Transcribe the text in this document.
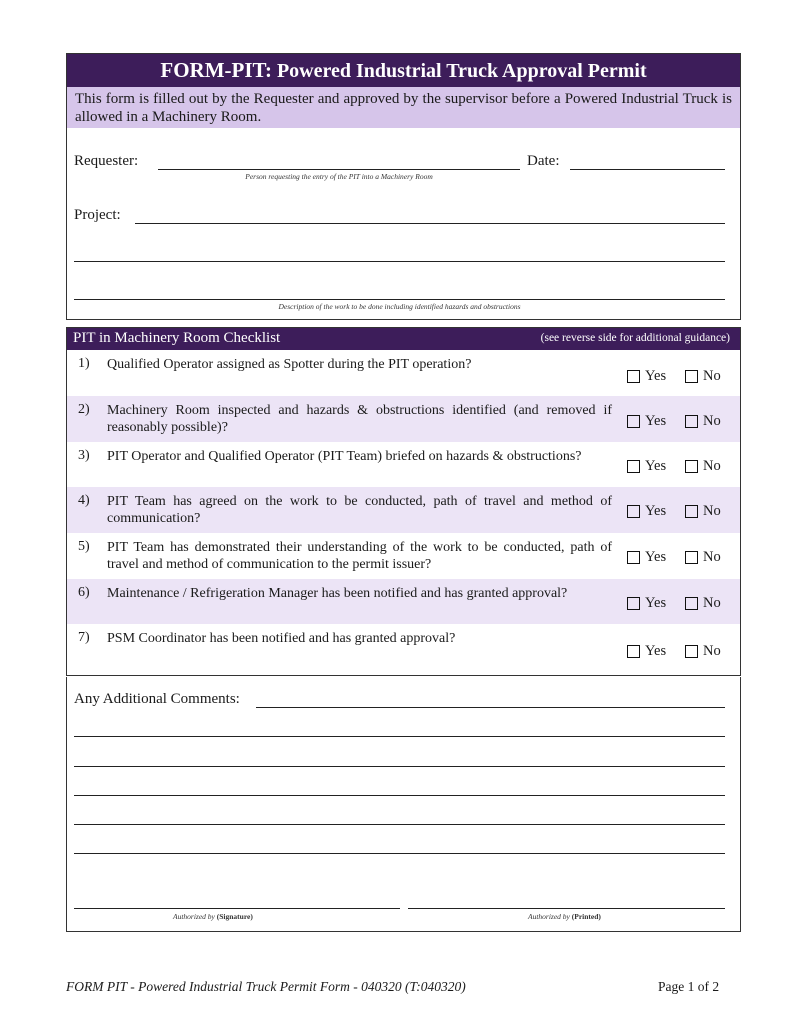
FORM-PIT: Powered Industrial Truck Approval Permit
This form is filled out by the Requester and approved by the supervisor before a Powered Industrial Truck is allowed in a Machinery Room.
Requester:
Person requesting the entry of the PIT into a Machinery Room
Date:
Project:
Description of the work to be done including identified hazards and obstructions
PIT in Machinery Room Checklist	(see reverse side for additional guidance)
1) Qualified Operator assigned as Spotter during the PIT operation?
Yes	No
2) Machinery Room inspected and hazards & obstructions identified (and removed if reasonably possible)?	Yes	No
3) PIT Operator and Qualified Operator (PIT Team) briefed on hazards & obstructions?
Yes	No
4) PIT Team has agreed on the work to be conducted, path of travel and method of communication?	Yes	No
5) PIT Team has demonstrated their understanding of the work to be conducted, path of travel and method of communication to the permit issuer?	Yes	No
6) Maintenance / Refrigeration Manager has been notified and has granted approval?
Yes	No
7) PSM Coordinator has been notified and has granted approval?
Yes	No
Any Additional Comments:
Authorized by (Signature)	Authorized by (Printed)
FORM PIT - Powered Industrial Truck Permit Form - 040320 (T:040320)	Page 1 of 2
